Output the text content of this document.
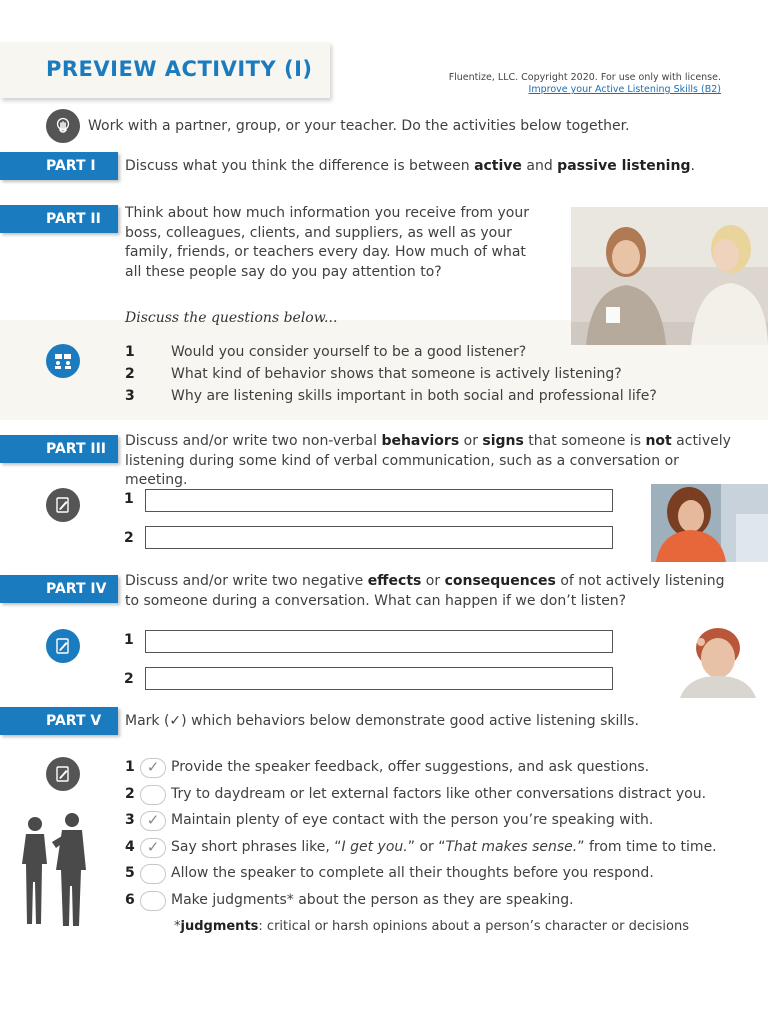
PREVIEW ACTIVITY (I)	Fluentize, LLC. Copyright 2020. For use only with license.
Improve your Active Listening Skills (B2)
Work with a partner, group, or your teacher. Do the activities below together.
PART I	Discuss what you think the difference is between active and passive listening.
PART II	Think about how much information you receive from your boss, colleagues, clients, and suppliers, as well as your family, friends, or teachers every day. How much of what all these people say do you pay attention to?
Discuss the questions below...
1	Would you consider yourself to be a good listener?
2	What kind of behavior shows that someone is actively listening?
3	Why are listening skills important in both social and professional life?
PART III	Discuss and/or write two non-verbal behaviors or signs that someone is not actively listening during some kind of verbal communication, such as a conversation or meeting.
1
2
PART IV	Discuss and/or write two negative effects or consequences of not actively listening to someone during a conversation. What can happen if we don’t listen?
1
2
PART V	Mark (✓) which behaviors below demonstrate good active listening skills.
1 ✓ Provide the speaker feedback, offer suggestions, and ask questions.
2	Try to daydream or let external factors like other conversations distract you.
3 ✓ Maintain plenty of eye contact with the person you’re speaking with.
4 ✓ Say short phrases like, “I get you.” or “That makes sense.” from time to time.
5	Allow the speaker to complete all their thoughts before you respond.
6	Make judgments* about the person as they are speaking.
*judgments: critical or harsh opinions about a person’s character or decisions
